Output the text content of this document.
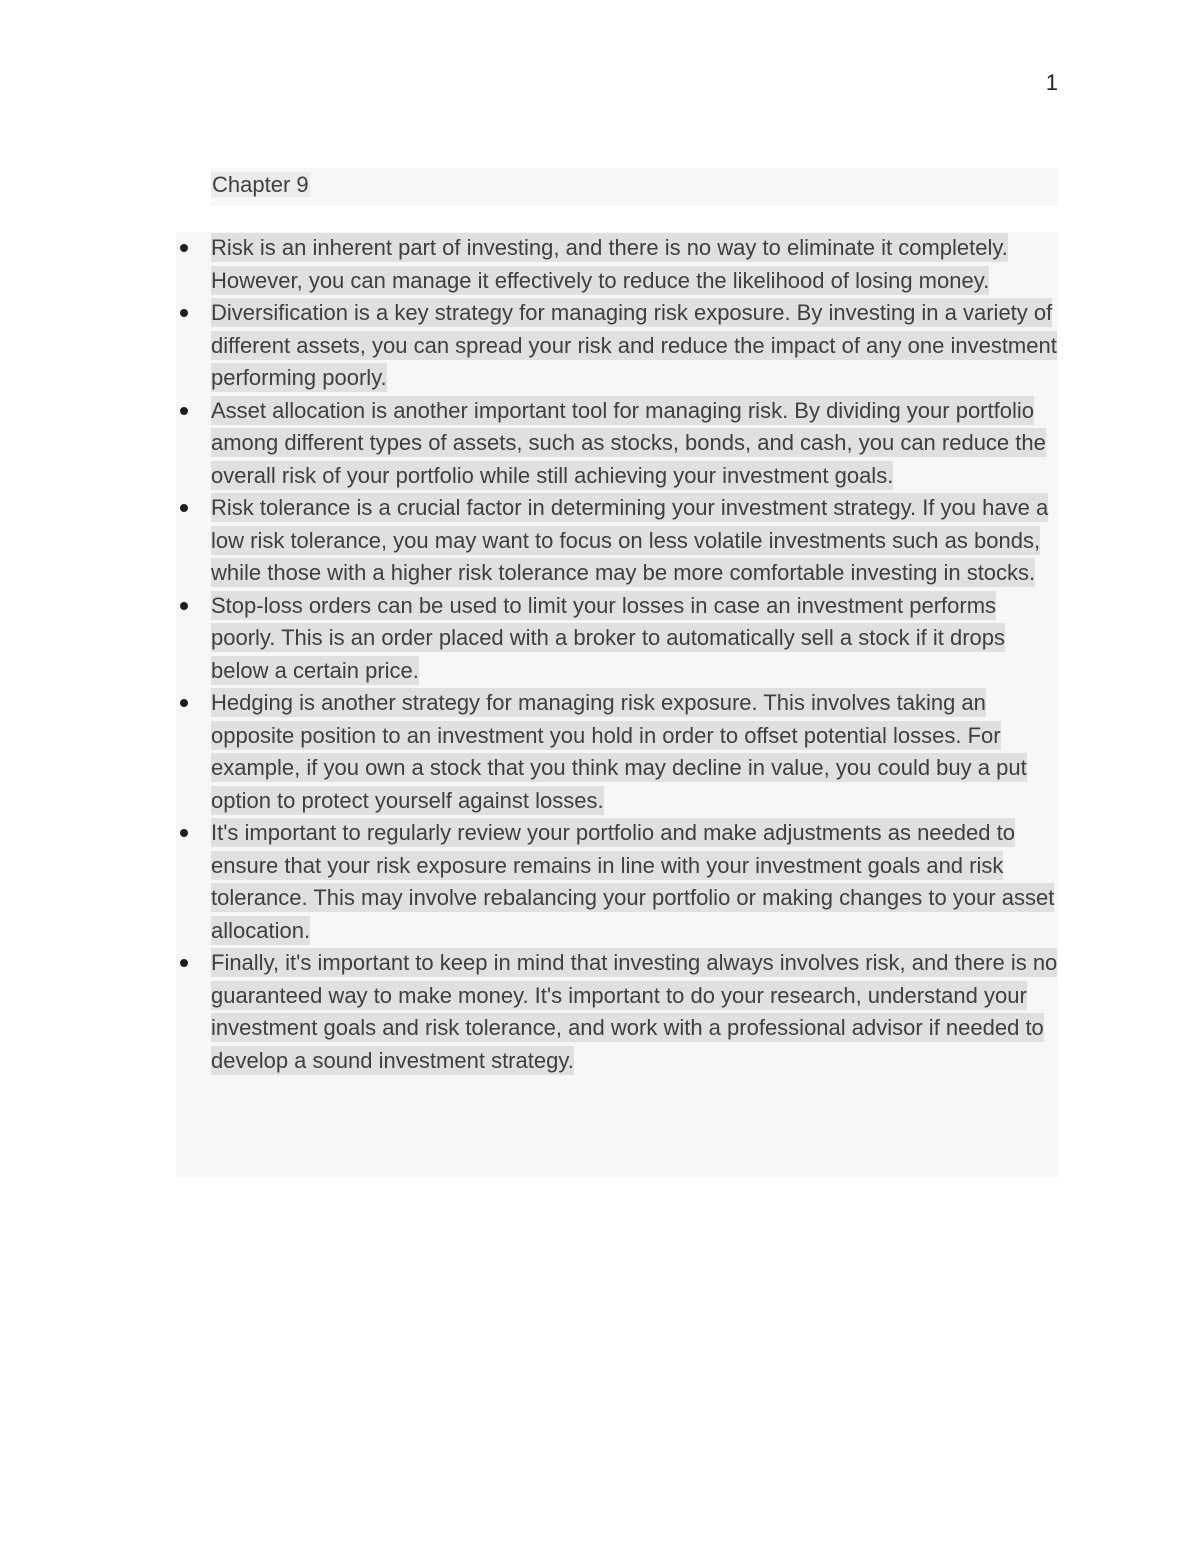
1
Chapter 9
Risk is an inherent part of investing, and there is no way to eliminate it completely. However, you can manage it effectively to reduce the likelihood of losing money.
Diversification is a key strategy for managing risk exposure. By investing in a variety of different assets, you can spread your risk and reduce the impact of any one investment performing poorly.
Asset allocation is another important tool for managing risk. By dividing your portfolio among different types of assets, such as stocks, bonds, and cash, you can reduce the overall risk of your portfolio while still achieving your investment goals.
Risk tolerance is a crucial factor in determining your investment strategy. If you have a low risk tolerance, you may want to focus on less volatile investments such as bonds, while those with a higher risk tolerance may be more comfortable investing in stocks.
Stop-loss orders can be used to limit your losses in case an investment performs poorly. This is an order placed with a broker to automatically sell a stock if it drops below a certain price.
Hedging is another strategy for managing risk exposure. This involves taking an opposite position to an investment you hold in order to offset potential losses. For example, if you own a stock that you think may decline in value, you could buy a put option to protect yourself against losses.
It's important to regularly review your portfolio and make adjustments as needed to ensure that your risk exposure remains in line with your investment goals and risk tolerance. This may involve rebalancing your portfolio or making changes to your asset allocation.
Finally, it's important to keep in mind that investing always involves risk, and there is no guaranteed way to make money. It's important to do your research, understand your investment goals and risk tolerance, and work with a professional advisor if needed to develop a sound investment strategy.
